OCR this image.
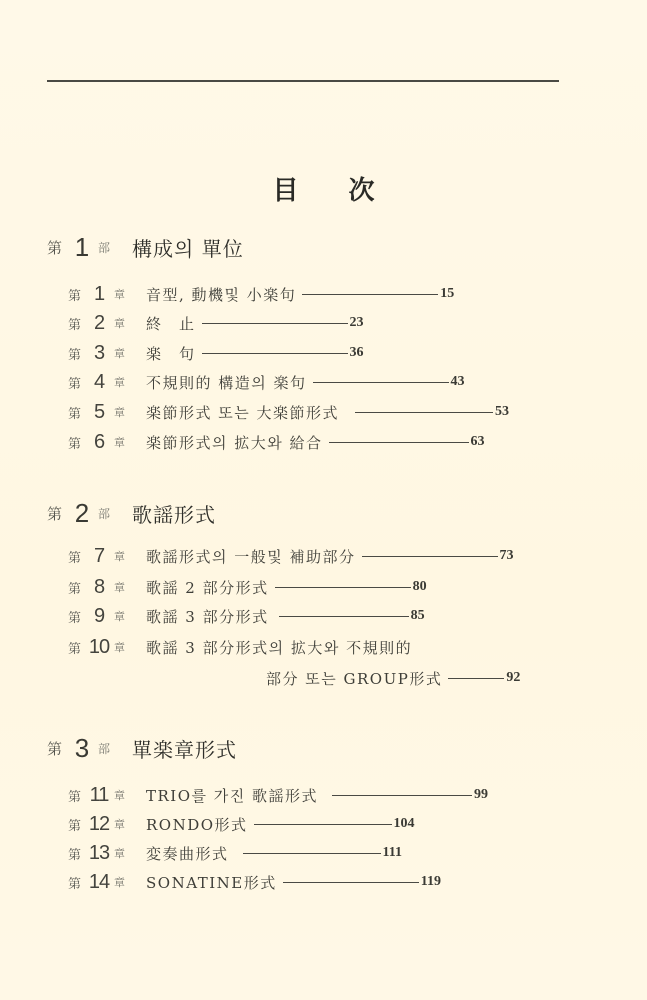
目 次
第 1 部 構成의 單位
第 1 章	音型, 動機및 小楽句	15
第 2 章	終　止	23
第 3 章	楽　句	36
第 4 章	不規則的 構造의 楽句	43
第 5 章	楽節形式 또는 大楽節形式	53
第 6 章	楽節形式의 拡大와 給合	63
第 2 部 歌謡形式
第 7 章	歌謡形式의 一般및 補助部分	73
第 8 章	歌謡 2 部分形式	80
第 9 章	歌謡 3 部分形式	85
第 10 章	歌謡 3 部分形式의 拡大와 不規則的
部分 또는 GROUP形式	92
第 3 部 單楽章形式
第 11 章	TRIO를 가진 歌謡形式	99
第 12 章	RONDO形式	104
第 13 章	変奏曲形式	111
第 14 章	SONATINE形式	119
